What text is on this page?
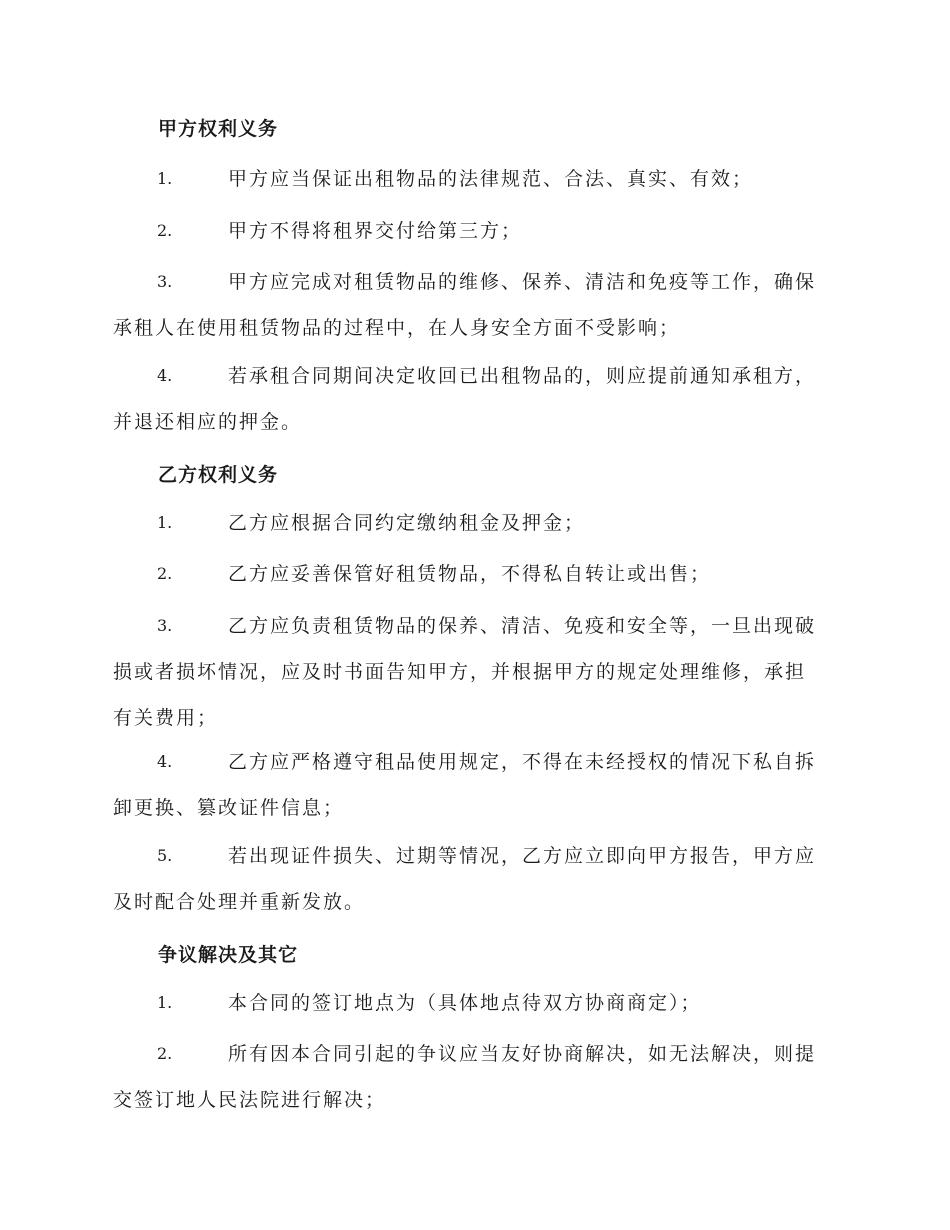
甲方权利义务
1.	甲方应当保证出租物品的法律规范、合法、真实、有效；
2.	甲方不得将租界交付给第三方；
3.	甲方应完成对租赁物品的维修、保养、清洁和免疫等工作，确保
承租人在使用租赁物品的过程中，在人身安全方面不受影响；
4.	若承租合同期间决定收回已出租物品的，则应提前通知承租方，
并退还相应的押金。
乙方权利义务
1.	乙方应根据合同约定缴纳租金及押金；
2.	乙方应妥善保管好租赁物品，不得私自转让或出售；
3.	乙方应负责租赁物品的保养、清洁、免疫和安全等，一旦出现破
损或者损坏情况，应及时书面告知甲方，并根据甲方的规定处理维修，承担
有关费用；
4.	乙方应严格遵守租品使用规定，不得在未经授权的情况下私自拆
卸更换、篡改证件信息；
5.	若出现证件损失、过期等情况，乙方应立即向甲方报告，甲方应
及时配合处理并重新发放。
争议解决及其它
1.	本合同的签订地点为（具体地点待双方协商商定）；
2.	所有因本合同引起的争议应当友好协商解决，如无法解决，则提
交签订地人民法院进行解决；
